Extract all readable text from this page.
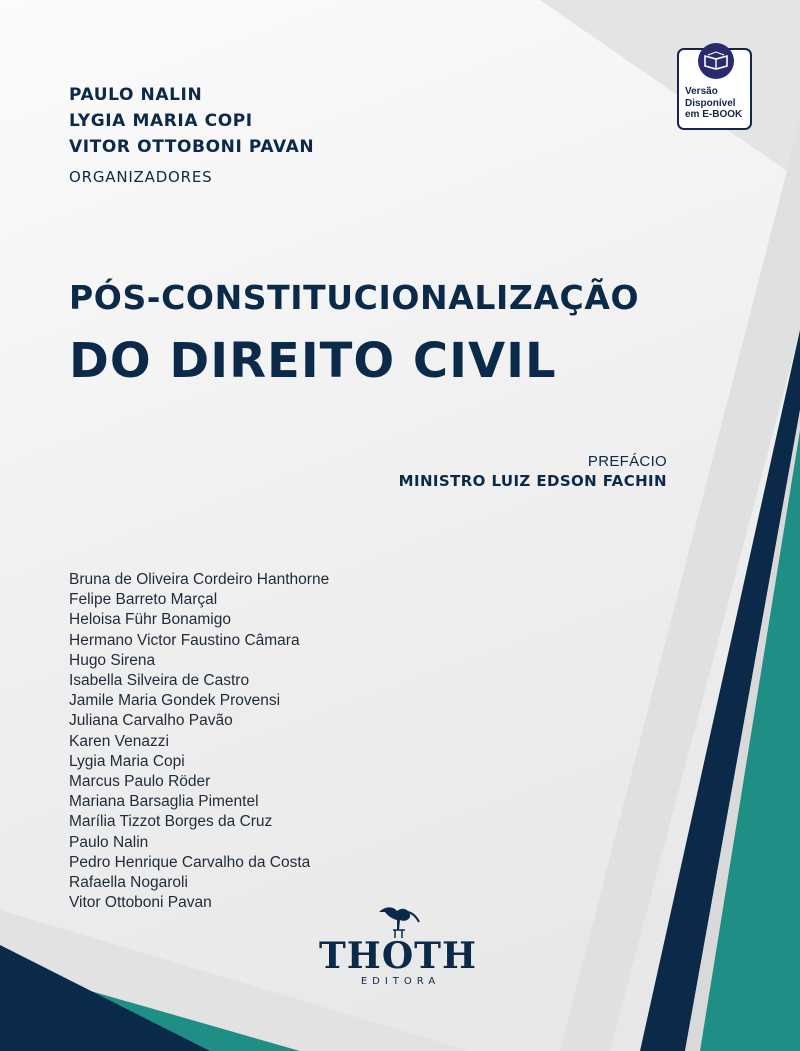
Versão
Disponível
em E-BOOK
PAULO NALIN
LYGIA MARIA COPI
VITOR OTTOBONI PAVAN
ORGANIZADORES
PÓS-CONSTITUCIONALIZAÇÃO
DO DIREITO CIVIL
PREFÁCIO
MINISTRO LUIZ EDSON FACHIN
Bruna de Oliveira Cordeiro Hanthorne
Felipe Barreto Marçal
Heloisa Führ Bonamigo
Hermano Victor Faustino Câmara
Hugo Sirena
Isabella Silveira de Castro
Jamile Maria Gondek Provensi
Juliana Carvalho Pavão
Karen Venazzi
Lygia Maria Copi
Marcus Paulo Röder
Mariana Barsaglia Pimentel
Marília Tizzot Borges da Cruz
Paulo Nalin
Pedro Henrique Carvalho da Costa
Rafaella Nogaroli
Vitor Ottoboni Pavan
THOTH
EDITORA
